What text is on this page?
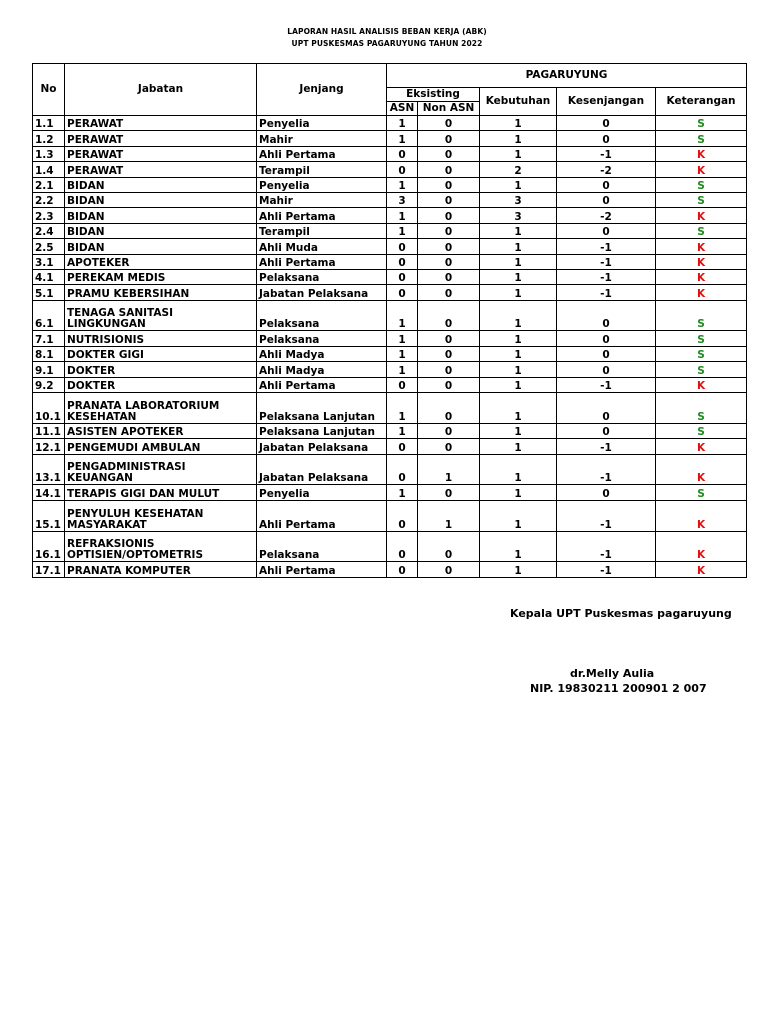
LAPORAN HASIL ANALISIS BEBAN KERJA (ABK)
UPT PUSKESMAS PAGARUYUNG TAHUN 2022
No	Jabatan	Jenjang	PAGARUYUNG				
			Eksisting		Kebutuhan	Kesenjangan	Keterangan
			ASN	Non ASN			
1.1	PERAWAT	Penyelia	1	0	1	0	S
1.2	PERAWAT	Mahir	1	0	1	0	S
1.3	PERAWAT	Ahli Pertama	0	0	1	-1	K
1.4	PERAWAT	Terampil	0	0	2	-2	K
2.1	BIDAN	Penyelia	1	0	1	0	S
2.2	BIDAN	Mahir	3	0	3	0	S
2.3	BIDAN	Ahli Pertama	1	0	3	-2	K
2.4	BIDAN	Terampil	1	0	1	0	S
2.5	BIDAN	Ahli Muda	0	0	1	-1	K
3.1	APOTEKER	Ahli Pertama	0	0	1	-1	K
4.1	PEREKAM MEDIS	Pelaksana	0	0	1	-1	K
5.1	PRAMU KEBERSIHAN	Jabatan Pelaksana	0	0	1	-1	K
6.1	TENAGA SANITASI
LINGKUNGAN	Pelaksana	1	0	1	0	S
7.1	NUTRISIONIS	Pelaksana	1	0	1	0	S
8.1	DOKTER GIGI	Ahli Madya	1	0	1	0	S
9.1	DOKTER	Ahli Madya	1	0	1	0	S
9.2	DOKTER	Ahli Pertama	0	0	1	-1	K
10.1	PRANATA LABORATORIUM
KESEHATAN	Pelaksana Lanjutan	1	0	1	0	S
11.1	ASISTEN APOTEKER	Pelaksana Lanjutan	1	0	1	0	S
12.1	PENGEMUDI AMBULAN	Jabatan Pelaksana	0	0	1	-1	K
13.1	PENGADMINISTRASI
KEUANGAN	Jabatan Pelaksana	0	1	1	-1	K
14.1	TERAPIS GIGI DAN MULUT	Penyelia	1	0	1	0	S
15.1	PENYULUH KESEHATAN
MASYARAKAT	Ahli Pertama	0	1	1	-1	K
16.1	REFRAKSIONIS
OPTISIEN/OPTOMETRIS	Pelaksana	0	0	1	-1	K
17.1	PRANATA KOMPUTER	Ahli Pertama	0	0	1	-1	K
Kepala UPT Puskesmas pagaruyung
dr.Melly Aulia
NIP. 19830211 200901 2 007
